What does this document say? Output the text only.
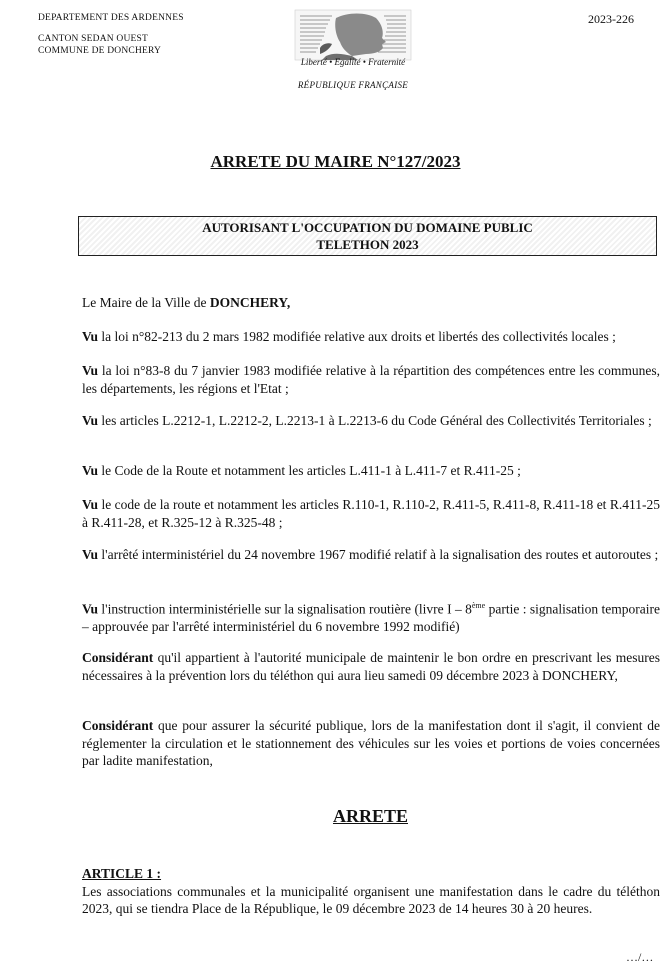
DEPARTEMENT DES ARDENNES
CANTON SEDAN OUEST
COMMUNE DE DONCHERY
2023-226
Liberté • Egalité • Fraternité
RÉPUBLIQUE FRANÇAISE
ARRETE DU MAIRE N°127/2023
AUTORISANT L'OCCUPATION DU DOMAINE PUBLIC
TELETHON 2023
Le Maire de la Ville de DONCHERY,
Vu la loi n°82-213 du 2 mars 1982 modifiée relative aux droits et libertés des collectivités locales ;
Vu la loi n°83-8 du 7 janvier 1983 modifiée relative à la répartition des compétences entre les communes, les départements, les régions et l'Etat ;
Vu les articles L.2212-1, L.2212-2, L.2213-1 à L.2213-6 du Code Général des Collectivités Territoriales ;
Vu le Code de la Route et notamment les articles L.411-1 à L.411-7 et R.411-25 ;
Vu le code de la route et notamment les articles R.110-1, R.110-2, R.411-5, R.411-8, R.411-18 et R.411-25 à R.411-28, et R.325-12 à R.325-48 ;
Vu l'arrêté interministériel du 24 novembre 1967 modifié relatif à la signalisation des routes et autoroutes ;
Vu l'instruction interministérielle sur la signalisation routière (livre I – 8ème partie : signalisation temporaire – approuvée par l'arrêté interministériel du 6 novembre 1992 modifié)
Considérant qu'il appartient à l'autorité municipale de maintenir le bon ordre en prescrivant les mesures nécessaires à la prévention lors du téléthon qui aura lieu samedi 09 décembre 2023 à DONCHERY,
Considérant que pour assurer la sécurité publique, lors de la manifestation dont il s'agit, il convient de réglementer la circulation et le stationnement des véhicules sur les voies et portions de voies concernées par ladite manifestation,
ARRETE
ARTICLE 1 :
Les associations communales et la municipalité organisent une manifestation dans le cadre du téléthon 2023, qui se tiendra Place de la République, le 09 décembre 2023 de 14 heures 30 à 20 heures.
…/…
